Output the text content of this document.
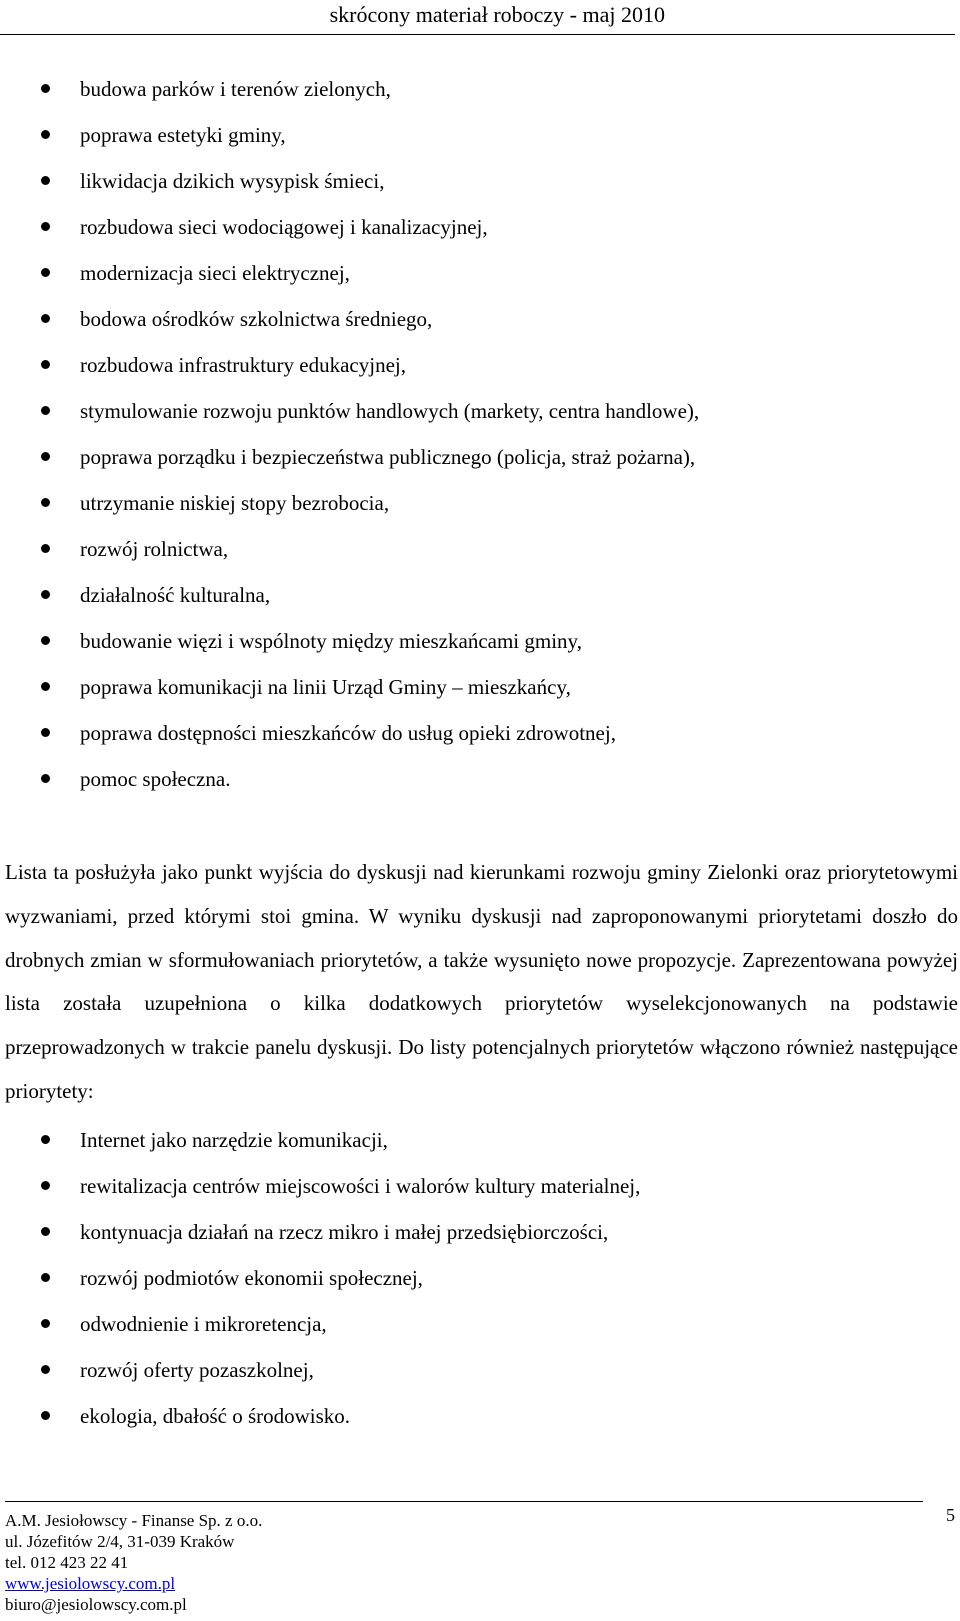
skrócony materiał roboczy - maj 2010
budowa parków i terenów zielonych,
poprawa estetyki gminy,
likwidacja dzikich wysypisk śmieci,
rozbudowa sieci wodociągowej i kanalizacyjnej,
modernizacja sieci elektrycznej,
bodowa ośrodków szkolnictwa średniego,
rozbudowa infrastruktury edukacyjnej,
stymulowanie rozwoju punktów handlowych (markety, centra handlowe),
poprawa porządku i bezpieczeństwa publicznego (policja, straż pożarna),
utrzymanie niskiej stopy bezrobocia,
rozwój rolnictwa,
działalność kulturalna,
budowanie więzi i wspólnoty między mieszkańcami gminy,
poprawa komunikacji na linii Urząd Gminy – mieszkańcy,
poprawa dostępności mieszkańców do usług opieki zdrowotnej,
pomoc społeczna.

Lista ta posłużyła jako punkt wyjścia do dyskusji nad kierunkami rozwoju gminy Zielonki oraz priorytetowymi wyzwaniami, przed którymi stoi gmina. W wyniku dyskusji nad zaproponowanymi priorytetami doszło do drobnych zmian w sformułowaniach priorytetów, a także wysunięto nowe propozycje. Zaprezentowana powyżej lista została uzupełniona o kilka dodatkowych priorytetów wyselekcjonowanych na podstawie przeprowadzonych w trakcie panelu dyskusji. Do listy potencjalnych priorytetów włączono również następujące priorytety:

Internet jako narzędzie komunikacji,
rewitalizacja centrów miejscowości i walorów kultury materialnej,
kontynuacja działań na rzecz mikro i małej przedsiębiorczości,
rozwój podmiotów ekonomii społecznej,
odwodnienie i mikroretencja,
rozwój oferty pozaszkolnej,
ekologia, dbałość o środowisko.
A.M. Jesiołowscy - Finanse Sp. z o.o.
ul. Józefitów 2/4, 31-039 Kraków
tel. 012 423 22 41
www.jesiolowscy.com.pl
biuro@jesiolowscy.com.pl
5
